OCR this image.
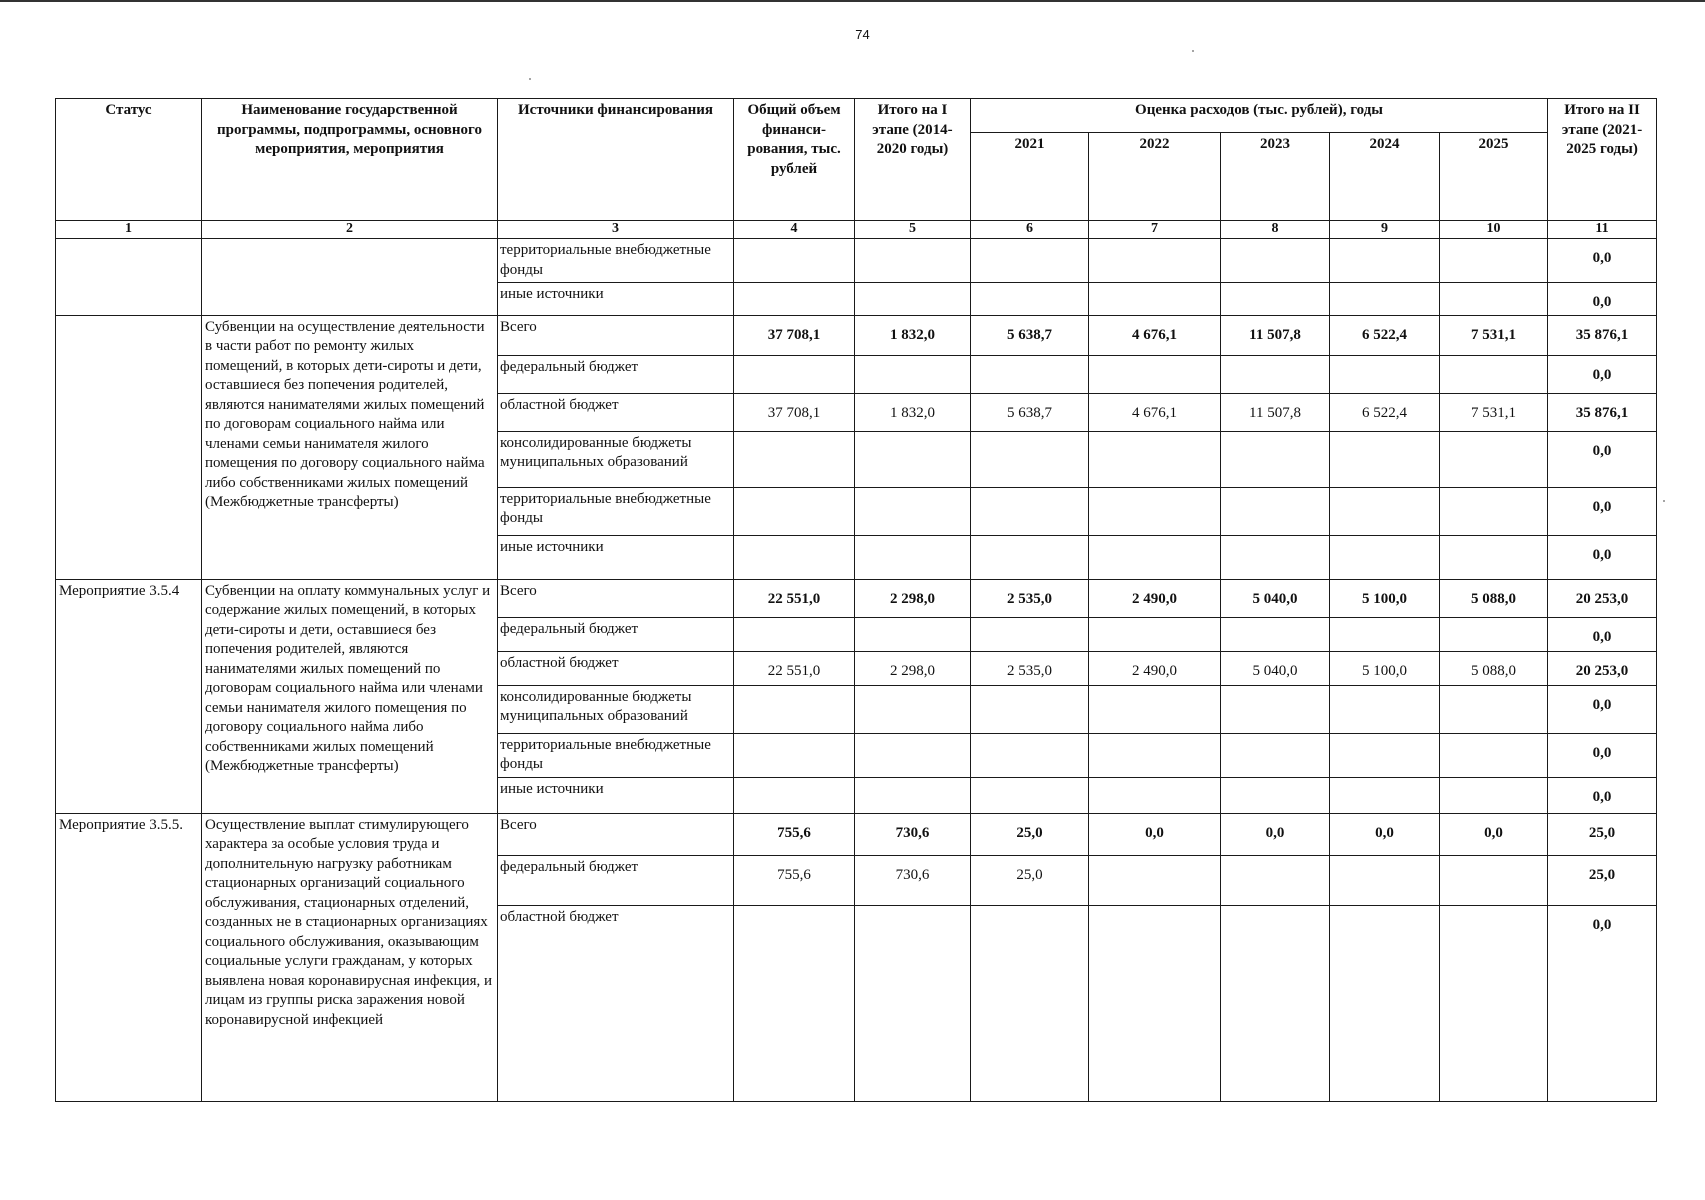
74
Статус	Наименование государственной программы, подпрограммы, основного мероприятия, мероприятия	Источники финансирования	Общий объем финанси-рования, тыс. рублей	Итого на I этапе (2014-2020 годы)	Оценка расходов (тыс. рублей), годы					Итого на II этапе (2021-2025 годы)
					2021	2022	2023	2024	2025	
1	2	3	4	5	6	7	8	9	10	11
		территориальные внебюджетные фонды								0,0
		иные источники								0,0
	Субвенции на осуществление деятельности в части работ по ремонту жилых помещений, в которых дети-сироты и дети, оставшиеся без попечения родителей, являются нанимателями жилых помещений по договорам социального найма или членами семьи нанимателя жилого помещения по договору социального найма либо собственниками жилых помещений (Межбюджетные трансферты)	Всего	37 708,1	1 832,0	5 638,7	4 676,1	11 507,8	6 522,4	7 531,1	35 876,1
		федеральный бюджет								0,0
		областной бюджет	37 708,1	1 832,0	5 638,7	4 676,1	11 507,8	6 522,4	7 531,1	35 876,1
		консолидированные бюджеты муниципальных образований								0,0
		территориальные внебюджетные фонды								0,0
		иные источники								0,0
Мероприятие 3.5.4	Субвенции на оплату коммунальных услуг и содержание жилых помещений, в которых дети-сироты и дети, оставшиеся без попечения родителей, являются нанимателями жилых помещений по договорам социального найма или членами семьи нанимателя жилого помещения по договору социального найма либо собственниками жилых помещений (Межбюджетные трансферты)	Всего	22 551,0	2 298,0	2 535,0	2 490,0	5 040,0	5 100,0	5 088,0	20 253,0
		федеральный бюджет								0,0
		областной бюджет	22 551,0	2 298,0	2 535,0	2 490,0	5 040,0	5 100,0	5 088,0	20 253,0
		консолидированные бюджеты муниципальных образований								0,0
		территориальные внебюджетные фонды								0,0
		иные источники								0,0
Мероприятие 3.5.5.	Осуществление выплат стимулирующего характера за особые условия труда и дополнительную нагрузку работникам стационарных организаций социального обслуживания, стационарных отделений, созданных не в стационарных организациях социального обслуживания, оказывающим социальные услуги гражданам, у которых выявлена новая коронавирусная инфекция, и лицам из группы риска заражения новой коронавирусной инфекцией	Всего	755,6	730,6	25,0	0,0	0,0	0,0	0,0	25,0
		федеральный бюджет	755,6	730,6	25,0					25,0
		областной бюджет								0,0
